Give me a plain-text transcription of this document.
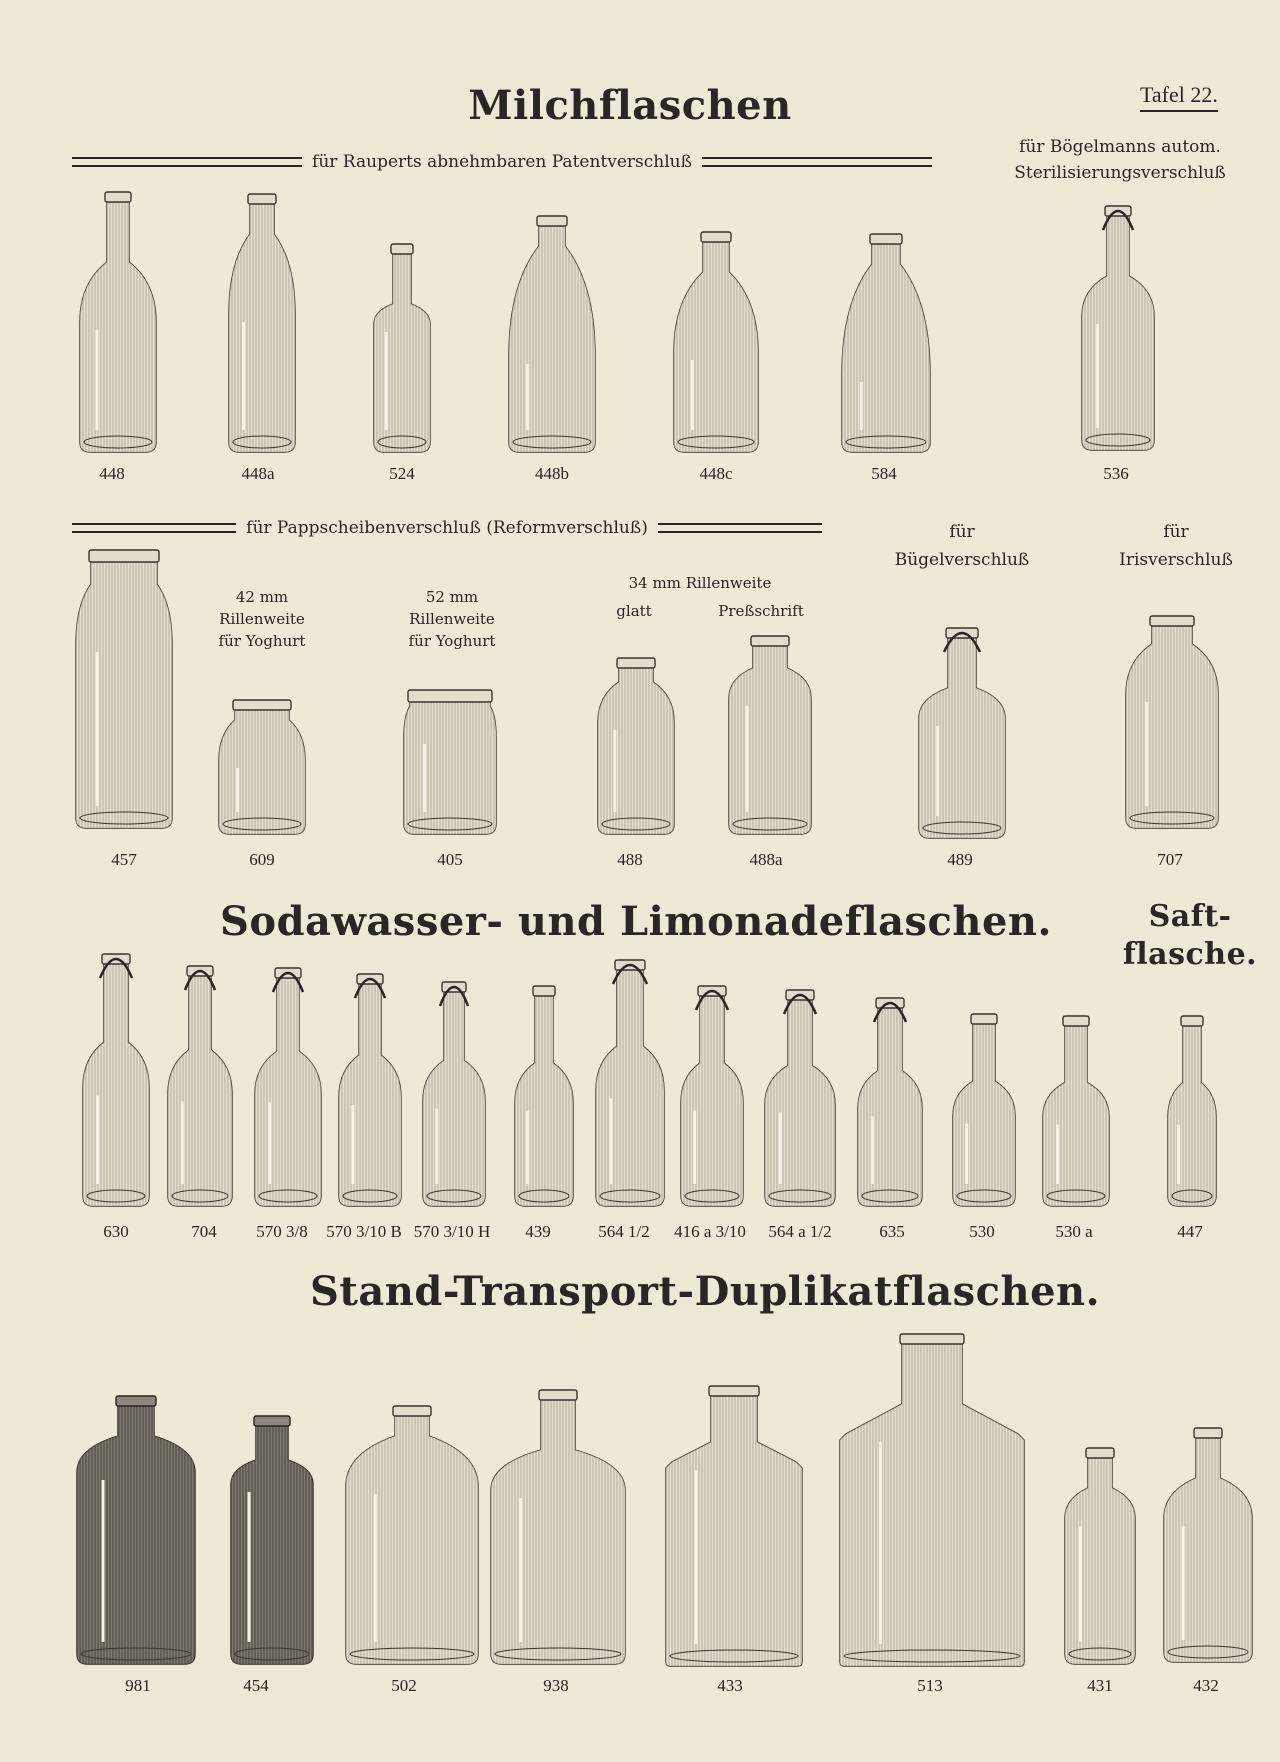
Tafel 22.
Milchflaschen
für Rauperts abnehmbaren Patentverschluß
für Bögelmanns autom.
Sterilisierungsverschluß
448	448a	524	448b	448c	584	536
für Pappscheibenverschluß (Reformverschluß)	für
Bügelverschluß
für
Irisverschluß
42 mm
Rillenweite
für Yoghurt
52 mm
Rillenweite
für Yoghurt
34 mm Rillenweite
glatt	Preßschrift
457	609	405	488	488a	489	707
Sodawasser- und Limonadeflaschen.	Saft-
flasche.
630	704	570 3/8	570 3/10 B 570 3/10 H	439	564 1/2	416 a 3/10	564 a 1/2	635	530	530 a	447
Stand-Transport-Duplikatflaschen.
981	454	502	938	433	513	431	432
